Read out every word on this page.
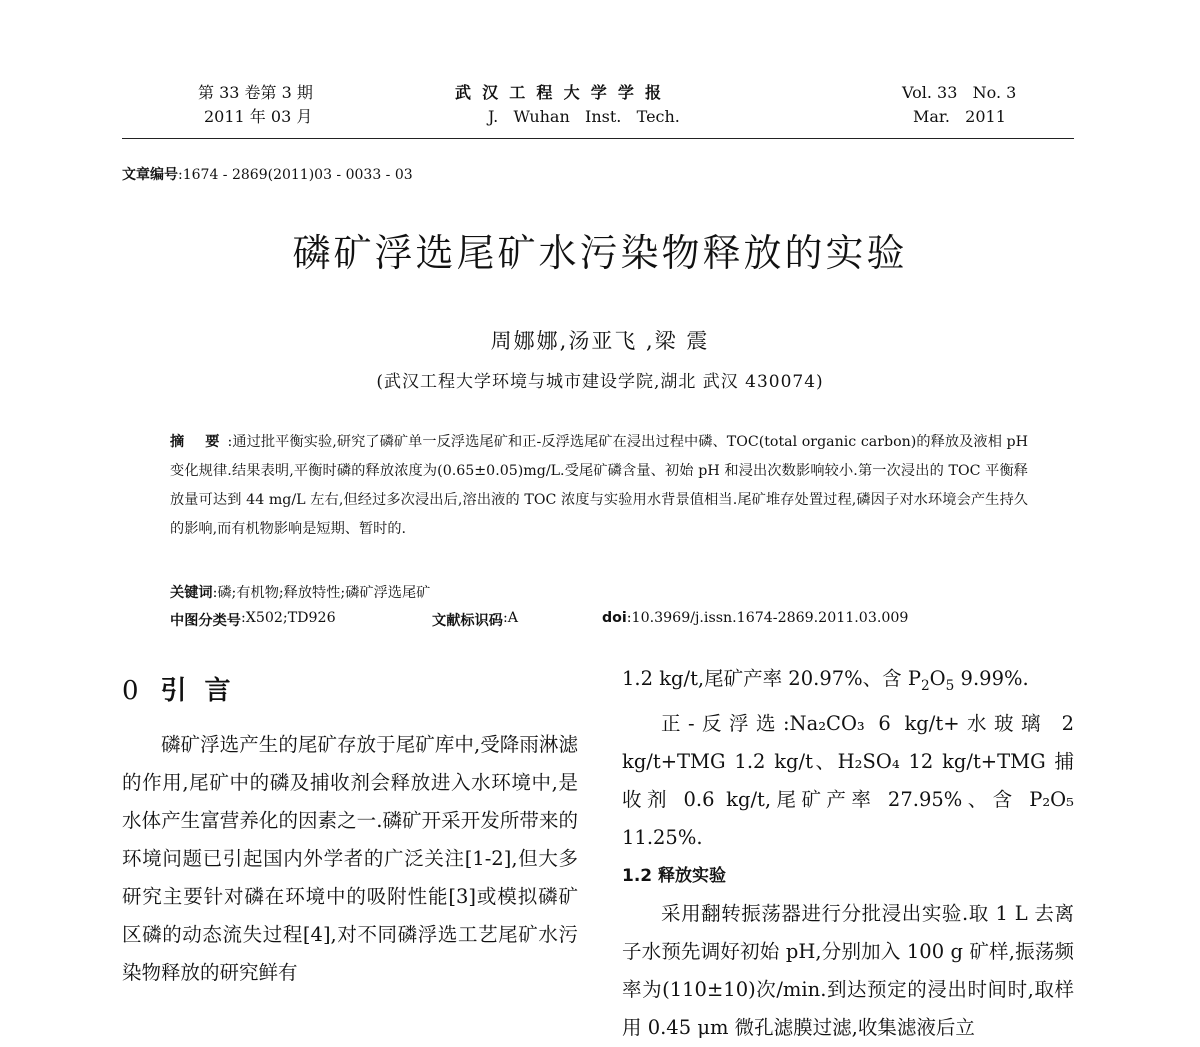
第 33 卷第 3 期
2011 年 03 月
武  汉  工  程  大  学  学  报
J.   Wuhan   Inst.   Tech.
Vol. 33   No. 3
Mar.   2011
文章编号:1674 - 2869(2011)03 - 0033 - 03
磷矿浮选尾矿水污染物释放的实验
周娜娜,汤亚飞 ,梁 震
(武汉工程大学环境与城市建设学院,湖北 武汉 430074)
摘 要:通过批平衡实验,研究了磷矿单一反浮选尾矿和正-反浮选尾矿在浸出过程中磷、TOC(total organic carbon)的释放及液相 pH 变化规律.结果表明,平衡时磷的释放浓度为(0.65±0.05)mg/L.受尾矿磷含量、初始 pH 和浸出次数影响较小.第一次浸出的 TOC 平衡释放量可达到 44 mg/L 左右,但经过多次浸出后,溶出液的 TOC 浓度与实验用水背景值相当.尾矿堆存处置过程,磷因子对水环境会产生持久的影响,而有机物影响是短期、暂时的.
关键词:磷;有机物;释放特性;磷矿浮选尾矿
中图分类号 :X502;TD926	文献标识码 :A	doi :10.3969/j.issn.1674-2869.2011.03.009
0 引言

磷矿浮选产生的尾矿存放于尾矿库中,受降雨淋滤的作用,尾矿中的磷及捕收剂会释放进入水环境中,是水体产生富营养化的因素之一.磷矿开采开发所带来的环境问题已引起国内外学者的广泛关注[1-2],但大多研究主要针对磷在环境中的吸附性能[3]或模拟磷矿区磷的动态流失过程[4],对不同磷浮选工艺尾矿水污染物释放的研究鲜有

1.2 kg/t,尾矿产率 20.97%、含 $P_2O_5$ 9.99%.

正-反浮选:Na₂CO₃ 6 kg/t+水玻璃 2 kg/t+TMG 1.2 kg/t、H₂SO₄ 12 kg/t+TMG 捕收剂 0.6 kg/t,尾矿产率 27.95%、含 P₂O₅ 11.25%.

1.2 释放实验

采用翻转振荡器进行分批浸出实验.取 1 L 去离子水预先调好初始 pH,分别加入 100 g 矿样,振荡频率为(110±10)次/min.到达预定的浸出时间时,取样用 0.45 μm 微孔滤膜过滤,收集滤液后立
